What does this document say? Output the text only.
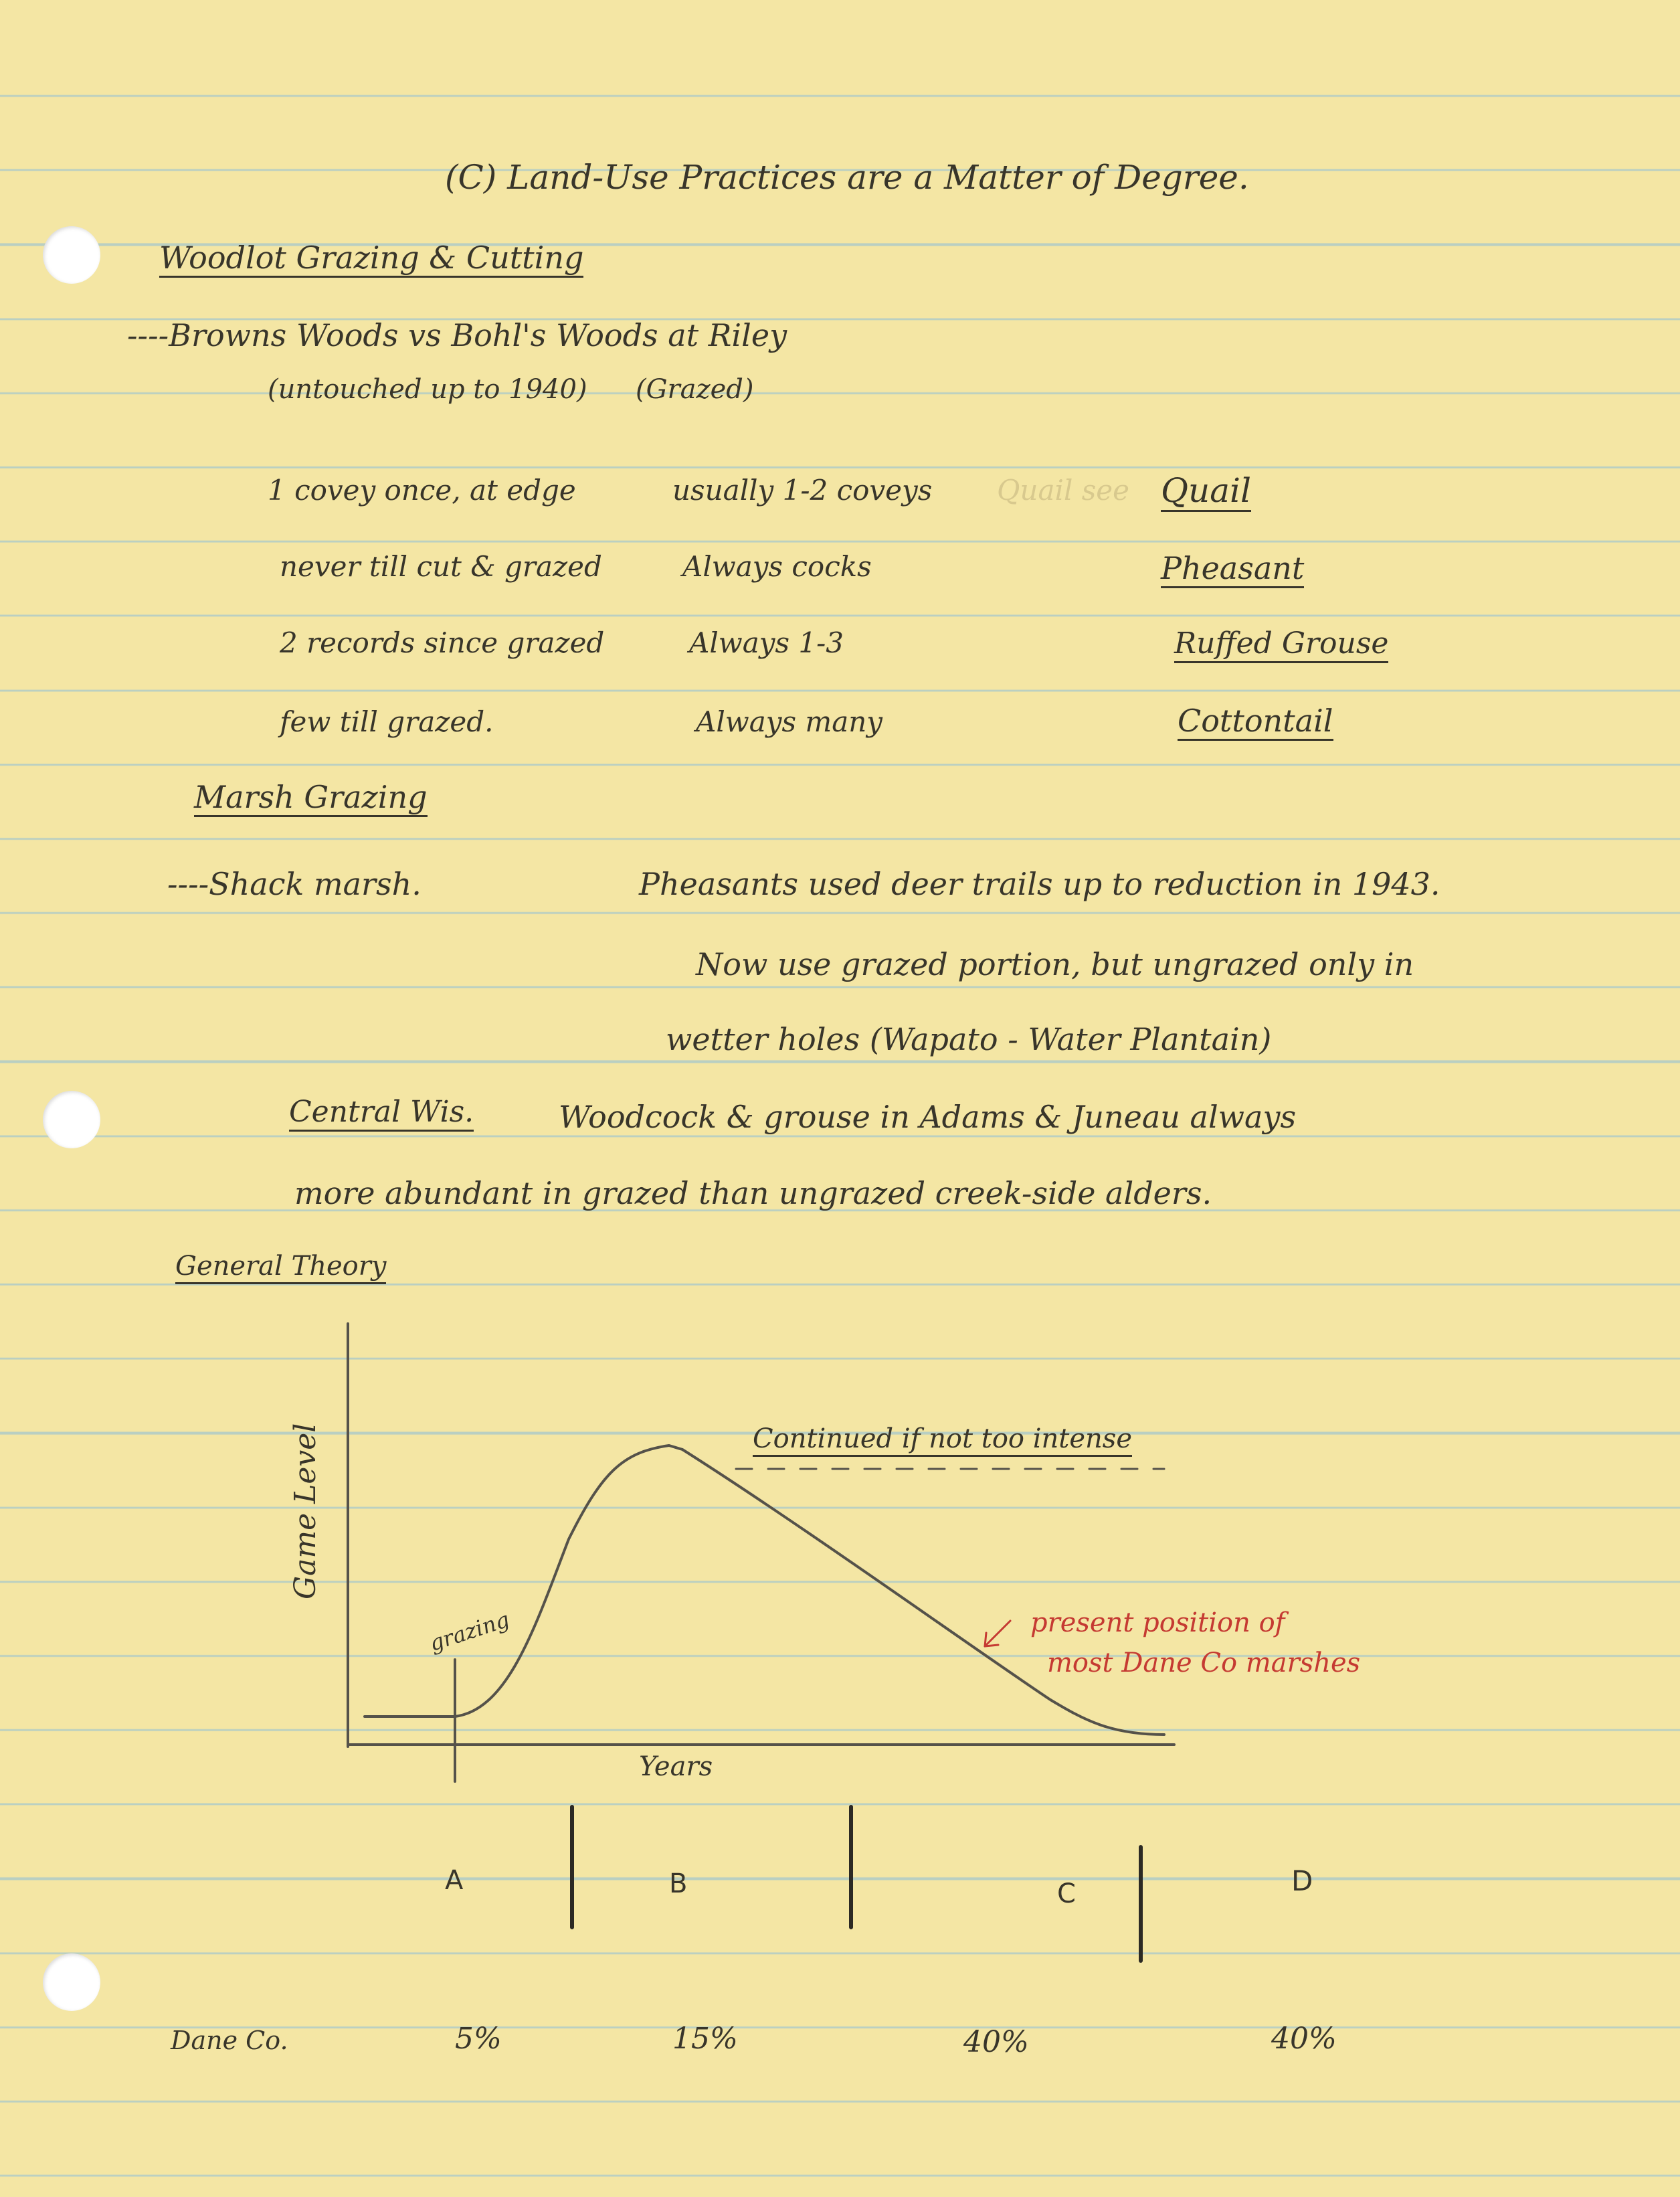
(C) Land-Use Practices are a Matter of Degree.
Woodlot Grazing & Cutting
----Browns Woods vs Bohl's Woods at Riley
(untouched up to 1940) (Grazed)
1 covey once, at edge	usually 1-2 coveys Quail see Quail
never till cut & grazed	Always cocks	Pheasant
2 records since grazed	Always 1-3	Ruffed Grouse
few till grazed.	Always many	Cottontail
Marsh Grazing
----Shack marsh.	Pheasants used deer trails up to reduction in 1943.
Now use grazed portion, but ungrazed only in
wetter holes (Wapato - Water Plantain)
Central Wis.	Woodcock & grouse in Adams & Juneau always
more abundant in grazed than ungrazed creek-side alders.
General Theory
Game Level
Years
grazing
Continued if not too intense
present position of
most Dane Co marshes
A	B	C	D
Dane Co.	5%	15%	40%	40%
